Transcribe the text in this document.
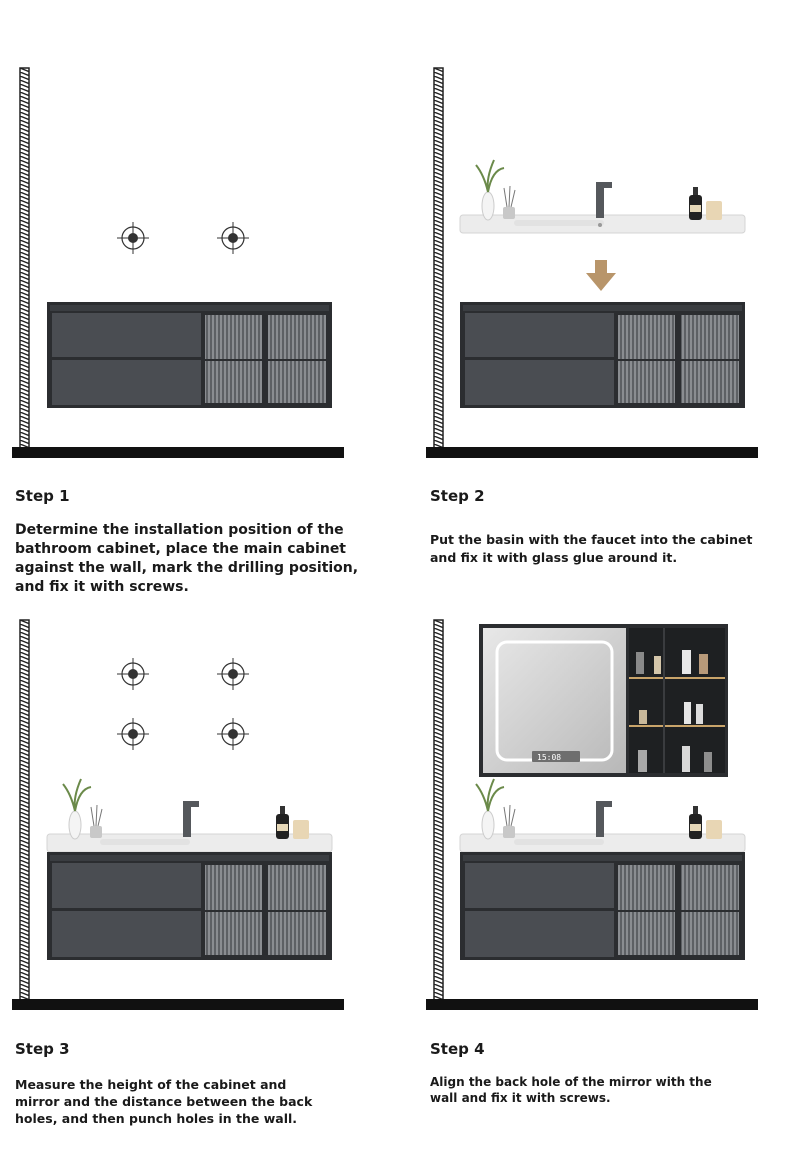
Step 1
Determine the installation position of the bathroom cabinet, place the main cabinet against the wall, mark the drilling position, and fix it with screws.
Step 2
Put the basin with the faucet into the cabinet and fix it with glass glue around it.
Step 3
Measure the height of the cabinet and mirror and the distance between the back holes, and then punch holes in the wall.
15:08
Step 4
Align the back hole of the mirror with the wall and fix it with screws.
